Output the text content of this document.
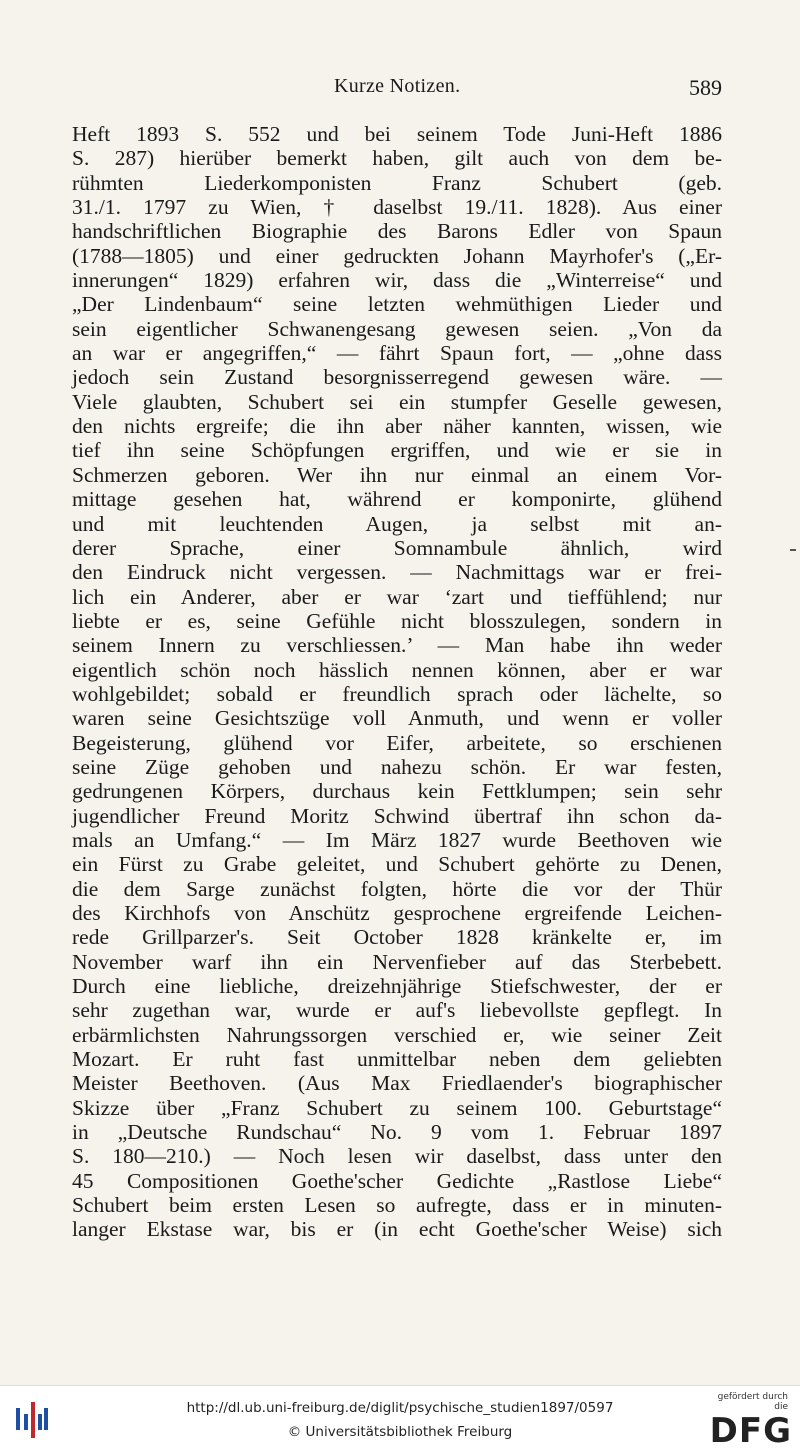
Kurze Notizen.	589
Heft 1893 S. 552 und bei seinem Tode Juni-Heft 1886
S. 287) hierüber bemerkt haben, gilt auch von dem be-
rühmten Liederkomponisten Franz Schubert (geb.
31./1. 1797 zu Wien, † daselbst 19./11. 1828). Aus einer
handschriftlichen Biographie des Barons Edler von Spaun
(1788—1805) und einer gedruckten Johann Mayrhofer's („Er-
innerungen“ 1829) erfahren wir, dass die „Winterreise“ und
„Der Lindenbaum“ seine letzten wehmüthigen Lieder und
sein eigentlicher Schwanengesang gewesen seien. „Von da
an war er angegriffen,“ — fährt Spaun fort, — „ohne dass
jedoch sein Zustand besorgnisserregend gewesen wäre. —
Viele glaubten, Schubert sei ein stumpfer Geselle gewesen,
den nichts ergreife; die ihn aber näher kannten, wissen, wie
tief ihn seine Schöpfungen ergriffen, und wie er sie in
Schmerzen geboren. Wer ihn nur einmal an einem Vor-
mittage gesehen hat, während er komponirte, glühend
und mit leuchtenden Augen, ja selbst mit an-
derer Sprache, einer Somnambule ähnlich, wird
den Eindruck nicht vergessen. — Nachmittags war er frei-
lich ein Anderer, aber er war ‘zart und tieffühlend; nur
liebte er es, seine Gefühle nicht blosszulegen, sondern in
seinem Innern zu verschliessen.’ — Man habe ihn weder
eigentlich schön noch hässlich nennen können, aber er war
wohlgebildet; sobald er freundlich sprach oder lächelte, so
waren seine Gesichtszüge voll Anmuth, und wenn er voller
Begeisterung, glühend vor Eifer, arbeitete, so erschienen
seine Züge gehoben und nahezu schön. Er war festen,
gedrungenen Körpers, durchaus kein Fettklumpen; sein sehr
jugendlicher Freund Moritz Schwind übertraf ihn schon da-
mals an Umfang.“ — Im März 1827 wurde Beethoven wie
ein Fürst zu Grabe geleitet, und Schubert gehörte zu Denen,
die dem Sarge zunächst folgten, hörte die vor der Thür
des Kirchhofs von Anschütz gesprochene ergreifende Leichen-
rede Grillparzer's. Seit October 1828 kränkelte er, im
November warf ihn ein Nervenfieber auf das Sterbebett.
Durch eine liebliche, dreizehnjährige Stiefschwester, der er
sehr zugethan war, wurde er auf's liebevollste gepflegt. In
erbärmlichsten Nahrungssorgen verschied er, wie seiner Zeit
Mozart. Er ruht fast unmittelbar neben dem geliebten
Meister Beethoven. (Aus Max Friedlaender's biographischer
Skizze über „Franz Schubert zu seinem 100. Geburtstage“
in „Deutsche Rundschau“ No. 9 vom 1. Februar 1897
S. 180—210.) — Noch lesen wir daselbst, dass unter den
45 Compositionen Goethe'scher Gedichte „Rastlose Liebe“
Schubert beim ersten Lesen so aufregte, dass er in minuten-
langer Ekstase war, bis er (in echt Goethe'scher Weise) sich
http://dl.ub.uni-freiburg.de/diglit/psychische_studien1897/0597
© Universitätsbibliothek Freiburg
gefördert durch die
DFG
